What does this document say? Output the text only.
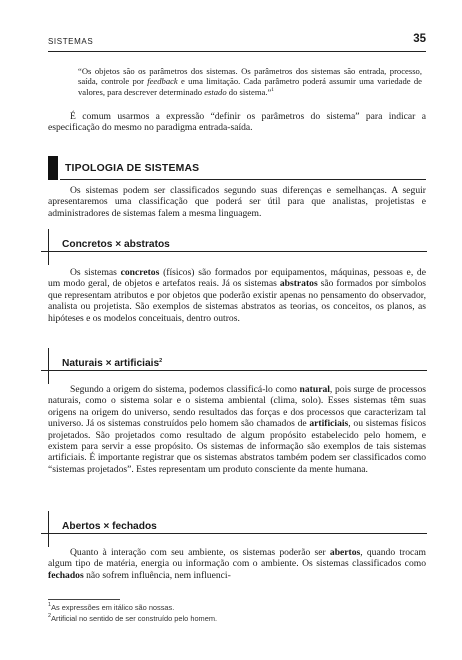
SISTEMAS	35
“Os objetos são os parâmetros dos sistemas. Os parâmetros dos sistemas são entrada, processo, saída, controle por feedback e uma limitação. Cada parâmetro poderá assumir uma variedade de valores, para descrever determinado estado do sistema.”$^1$
É comum usarmos a expressão “definir os parâmetros do sistema” para indicar a especificação do mesmo no paradigma entrada-saída.
TIPOLOGIA DE SISTEMAS
Os sistemas podem ser classificados segundo suas diferenças e semelhanças. A seguir apresentaremos uma classificação que poderá ser útil para que analistas, projetistas e administradores de sistemas falem a mesma linguagem.
Concretos × abstratos
Os sistemas concretos (físicos) são formados por equipamentos, máquinas, pessoas e, de um modo geral, de objetos e artefatos reais. Já os sistemas abstratos são formados por símbolos que representam atributos e por objetos que poderão existir apenas no pensamento do observador, analista ou projetista. São exemplos de sistemas abstratos as teorias, os conceitos, os planos, as hipóteses e os modelos conceituais, dentro outros.
Naturais × artificiais$^2$
Segundo a origem do sistema, podemos classificá-lo como natural, pois surge de processos naturais, como o sistema solar e o sistema ambiental (clima, solo). Esses sistemas têm suas origens na origem do universo, sendo resultados das forças e dos processos que caracterizam tal universo. Já os sistemas construídos pelo homem são chamados de artificiais, ou sistemas físicos projetados. São projetados como resultado de algum propósito estabelecido pelo homem, e existem para servir a esse propósito. Os sistemas de informação são exemplos de tais sistemas artificiais. É importante registrar que os sistemas abstratos também podem ser classificados como “sistemas projetados”. Estes representam um produto consciente da mente humana.
Abertos × fechados
Quanto à interação com seu ambiente, os sistemas poderão ser abertos, quando trocam algum tipo de matéria, energia ou informação com o ambiente. Os sistemas classificados como fechados não sofrem influência, nem influenci-
$^1$As expressões em itálico são nossas.
$^2$Artificial no sentido de ser construído pelo homem.
